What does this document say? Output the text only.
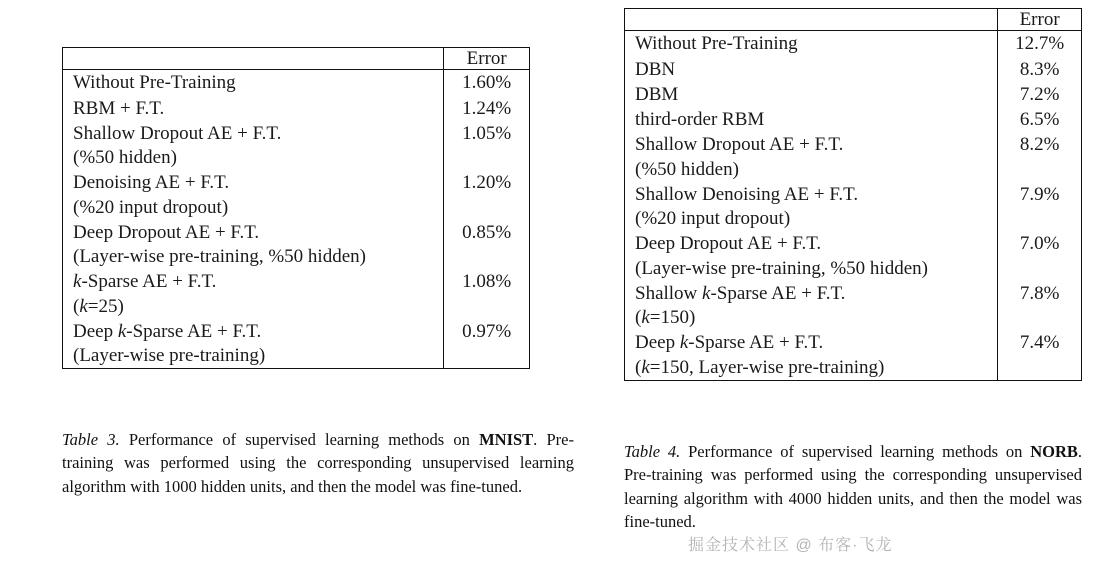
	Error

Without Pre-Training	1.60%
RBM + F.T.	1.24%
Shallow Dropout AE + F.T.	1.05%
(%50 hidden)	
Denoising AE + F.T.	1.20%
(%20 input dropout)	
Deep Dropout AE + F.T.	0.85%
(Layer-wise pre-training, %50 hidden)	
k-Sparse AE + F.T.	1.08%
(k=25)	
Deep k-Sparse AE + F.T.	0.97%
(Layer-wise pre-training)	
	Error

Without Pre-Training	12.7%
DBN	8.3%
DBM	7.2%
third-order RBM	6.5%
Shallow Dropout AE + F.T.	8.2%
(%50 hidden)	
Shallow Denoising AE + F.T.	7.9%
(%20 input dropout)	
Deep Dropout AE + F.T.	7.0%
(Layer-wise pre-training, %50 hidden)	
Shallow k-Sparse AE + F.T.	7.8%
(k=150)	
Deep k-Sparse AE + F.T.	7.4%
(k=150, Layer-wise pre-training)	
Table 3. Performance of supervised learning methods on MNIST. Pre-training was performed using the corresponding unsupervised learning algorithm with 1000 hidden units, and then the model was fine-tuned.
Table 4. Performance of supervised learning methods on NORB. Pre-training was performed using the corresponding unsupervised learning algorithm with 4000 hidden units, and then the model was fine-tuned.
掘金技术社区 @ 布客·飞龙
